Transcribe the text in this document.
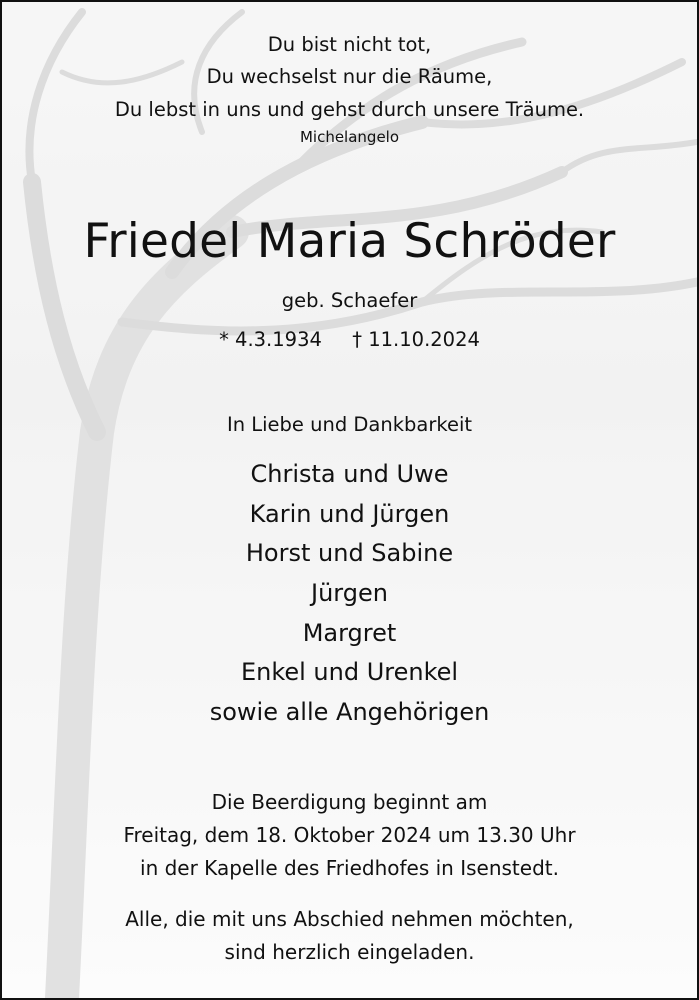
Du bist nicht tot,
Du wechselst nur die Räume,
Du lebst in uns und gehst durch unsere Träume.
Michelangelo
Friedel Maria Schröder
geb. Schaefer
* 4.3.1934 † 11.10.2024
In Liebe und Dankbarkeit
Christa und Uwe
Karin und Jürgen
Horst und Sabine
Jürgen
Margret
Enkel und Urenkel
sowie alle Angehörigen
Die Beerdigung beginnt am
Freitag, dem 18. Oktober 2024 um 13.30 Uhr
in der Kapelle des Friedhofes in Isenstedt.
Alle, die mit uns Abschied nehmen möchten,
sind herzlich eingeladen.
